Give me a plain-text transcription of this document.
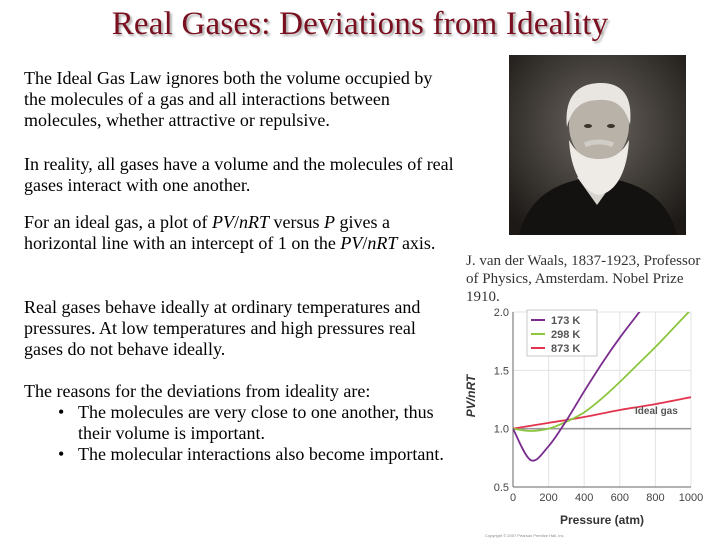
Real Gases: Deviations from Ideality
The Ideal Gas Law ignores both the volume occupied by the molecules of a gas and all interactions between molecules, whether attractive or repulsive.
In reality, all gases have a volume and the molecules of real gases interact with one another.
For an ideal gas, a plot of PV/nRT versus P gives a horizontal line with an intercept of 1 on the PV/nRT axis.
Real gases behave ideally at ordinary temperatures and pressures. At low temperatures and high pressures real gases do not behave ideally.
The reasons for the deviations from ideality are:
• The molecules are very close to one another, thus their volume is important.
• The molecular interactions also become important.
J. van der Waals, 1837-1923, Professor of Physics, Amsterdam. Nobel Prize 1910.
0.5
1.0
1.5
2.0
0 200 400 600 800 1000
173 K
298 K
873 K
PV/nRT
Pressure (atm)
Ideal gas
Copyright © 2007 Pearson Prentice Hall, Inc.
